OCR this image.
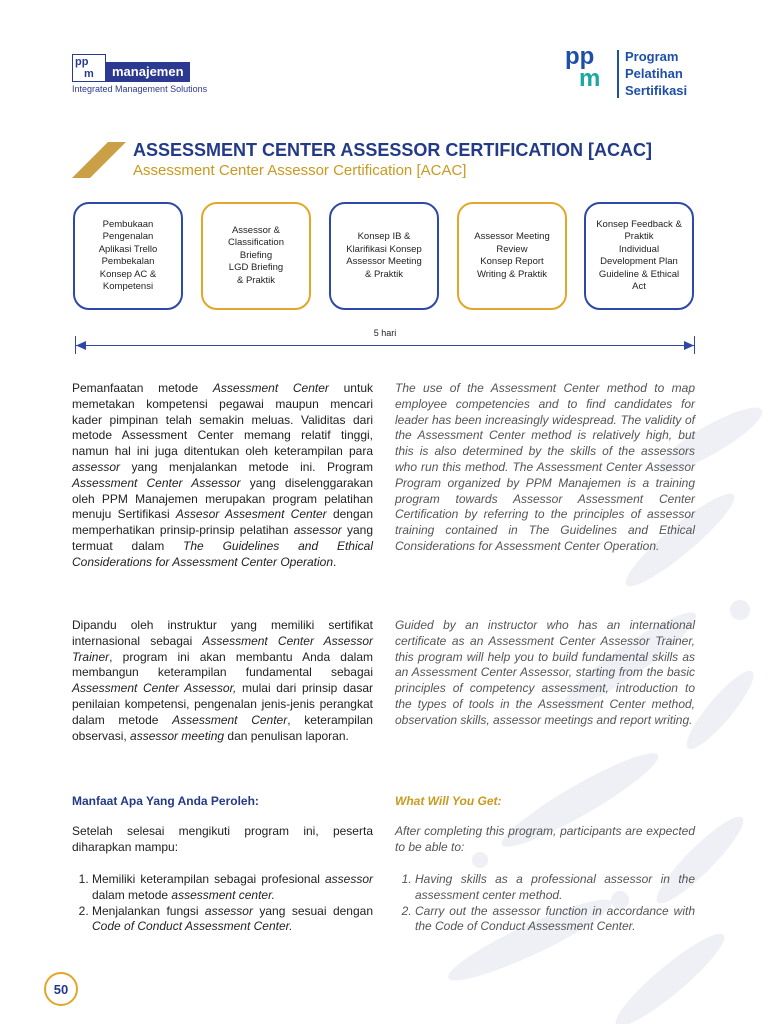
pp
m	manajemen
Integrated Management Solutions
pp
m
Program
Pelatihan
Sertifikasi
ASSESSMENT CENTER ASSESSOR CERTIFICATION [ACAC]
Assessment Center Assessor Certification [ACAC]
Pembukaan
Pengenalan
Aplikasi Trello
Pembekalan
Konsep AC &
Kompetensi
Assessor &
Classification
Briefing
LGD Briefing
& Praktik
Konsep IB &
Klarifikasi Konsep
Assessor Meeting
& Praktik
Assessor Meeting
Review
Konsep Report
Writing & Praktik
Konsep Feedback &
Praktik
Individual
Development Plan
Guideline & Ethical
Act
5 hari
Pemanfaatan metode Assessment Center untuk memetakan kompetensi pegawai maupun mencari kader pimpinan telah semakin meluas. Validitas dari metode Assessment Center memang relatif tinggi, namun hal ini juga ditentukan oleh keterampilan para assessor yang menjalankan metode ini. Program Assessment Center Assessor yang diselenggarakan oleh PPM Manajemen merupakan program pelatihan menuju Sertifikasi Assesor Assesment Center dengan memperhatikan prinsip-prinsip pelatihan assessor yang termuat dalam The Guidelines and Ethical Considerations for Assessment Center Operation.
Dipandu oleh instruktur yang memiliki sertifikat internasional sebagai Assessment Center Assessor Trainer, program ini akan membantu Anda dalam membangun keterampilan fundamental sebagai Assessment Center Assessor, mulai dari prinsip dasar penilaian kompetensi, pengenalan jenis-jenis perangkat dalam metode Assessment Center, keterampilan observasi, assessor meeting dan penulisan laporan.
Manfaat Apa Yang Anda Peroleh:
Setelah selesai mengikuti program ini, peserta diharapkan mampu:
1. Memiliki keterampilan sebagai profesional assessor dalam metode assessment center.
2. Menjalankan fungsi assessor yang sesuai dengan Code of Conduct Assessment Center.
The use of the Assessment Center method to map employee competencies and to find candidates for leader has been increasingly widespread. The validity of the Assessment Center method is relatively high, but this is also determined by the skills of the assessors who run this method. The Assessment Center Assessor Program organized by PPM Manajemen is a training program towards Assessor Assessment Center Certification by referring to the principles of assessor training contained in The Guidelines and Ethical Considerations for Assessment Center Operation.
Guided by an instructor who has an international certificate as an Assessment Center Assessor Trainer, this program will help you to build fundamental skills as an Assessment Center Assessor, starting from the basic principles of competency assessment, introduction to the types of tools in the Assessment Center method, observation skills, assessor meetings and report writing.
What Will You Get:
After completing this program, participants are expected to be able to:
1. Having skills as a professional assessor in the assessment center method.
2. Carry out the assessor function in accordance with the Code of Conduct Assessment Center.
50
